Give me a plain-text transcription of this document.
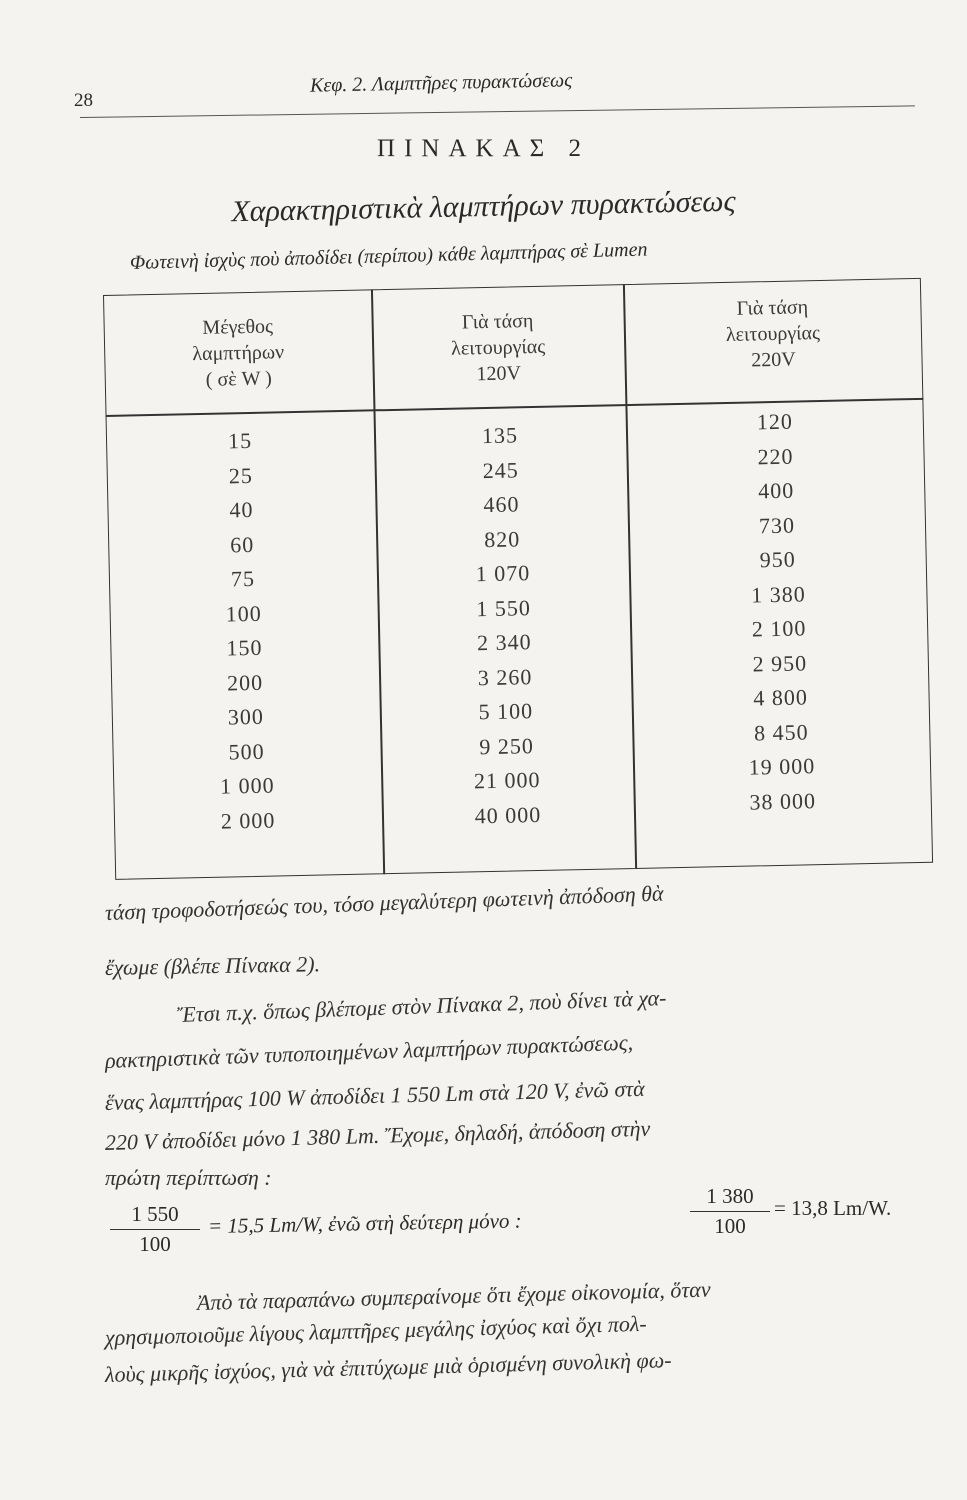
28
Κεφ. 2. Λαμπτῆρες πυρακτώσεως
ΠΙΝΑΚΑΣ 2
Χαρακτηριστικὰ λαμπτήρων πυρακτώσεως
Φωτεινὴ ἰσχὺς ποὺ ἀποδίδει (περίπου) κάθε λαμπτήρας σὲ Lumen
Μέγεθος
λαμπτήρων
( σὲ W )
Γιὰ τάση
λειτουργίας
120V
Γιὰ τάση
λειτουργίας
220V
15
25
40
60
75
100
150
200
300
500
1 000
2 000
135
245
460
820
1 070
1 550
2 340
3 260
5 100
9 250
21 000
40 000
120
220
400
730
950
1 380
2 100
2 950
4 800
8 450
19 000
38 000
τάση τροφοδοτήσεώς του, τόσο μεγαλύτερη φωτεινὴ ἀπόδοση θὰ
ἔχωμε (βλέπε Πίνακα 2).
Ἔτσι π.χ. ὅπως βλέπομε στὸν Πίνακα 2, ποὺ δίνει τὰ χα-
ρακτηριστικὰ τῶν τυποποιημένων λαμπτήρων πυρακτώσεως,
ἕνας λαμπτήρας 100 W ἀποδίδει 1 550 Lm στὰ 120 V, ἐνῶ στὰ
220 V ἀποδίδει μόνο 1 380 Lm. Ἔχομε, δηλαδή, ἀπόδοση στὴν
πρώτη περίπτωση :
Ἀπὸ τὰ παραπάνω συμπεραίνομε ὅτι ἔχομε οἰκονομία, ὅταν
χρησιμοποιοῦμε λίγους λαμπτῆρες μεγάλης ἰσχύος καὶ ὄχι πολ-
λοὺς μικρῆς ἰσχύος, γιὰ νὰ ἐπιτύχωμε μιὰ ὁρισμένη συνολικὴ φω-
$\frac{1 550}{100} = 15,5$ Lm/W, ἐνῶ στὴ δεύτερη μόνο :	$\frac{1 380}{100} = 13,8$ Lm/W.
